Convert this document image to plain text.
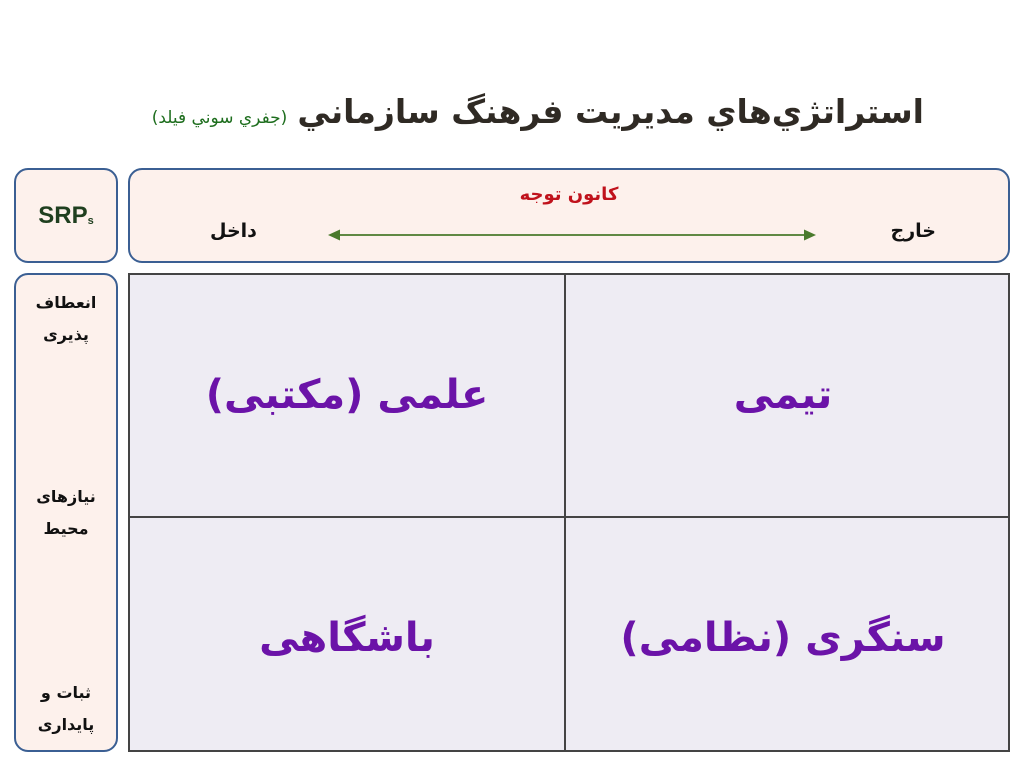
استراتژي‌هاي مديريت فرهنگ سازماني
(جفري سوني فيلد)
SRPs
كانون توجه
داخل	خارج
انعطاف
پذيری
نیازهای
محیط
ثبات و
پایداری
علمی (مکتبی)	تیمی
باشگاهی	سنگری (نظامی)
